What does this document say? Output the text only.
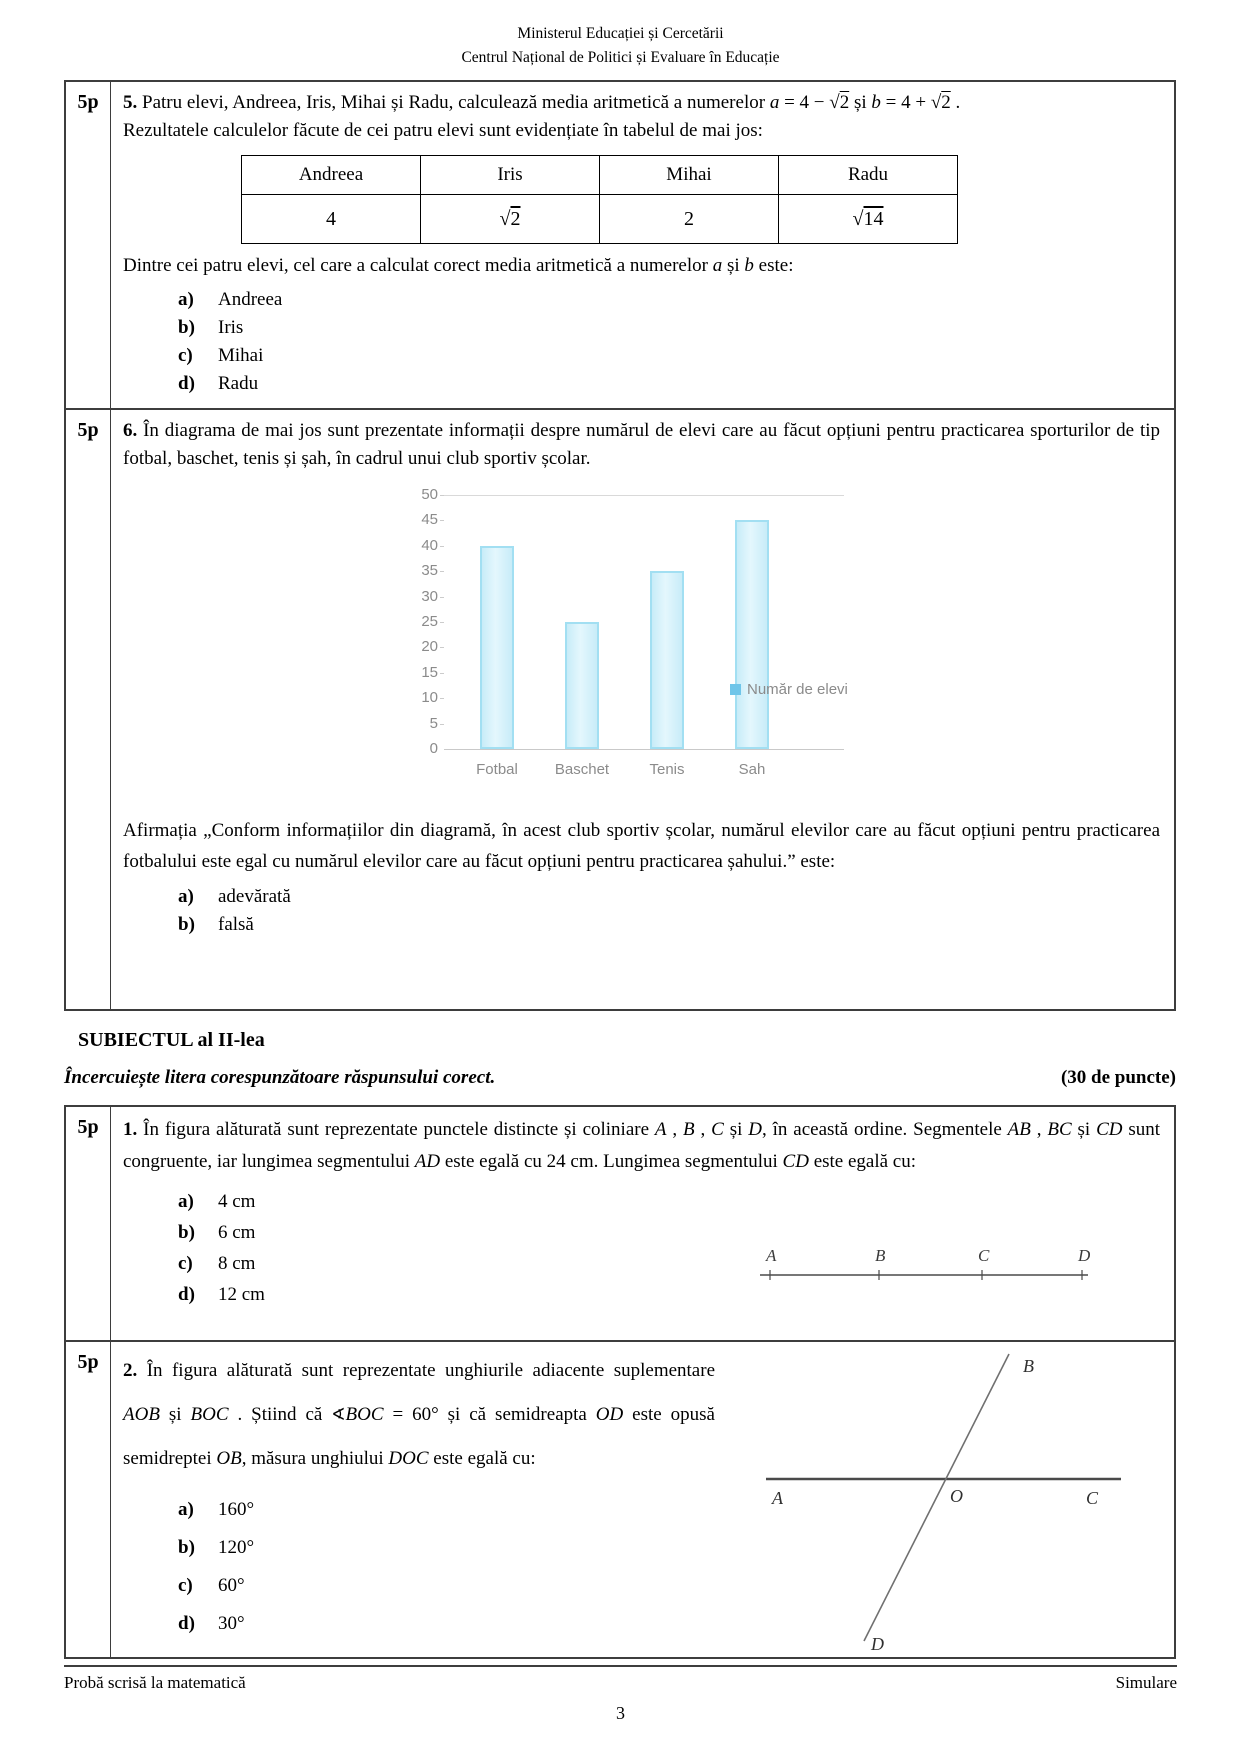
Ministerul Educației și Cercetării
Centrul Național de Politici și Evaluare în Educație
5p	5. Patru elevi, Andreea, Iris, Mihai și Radu, calculează media aritmetică a numerelor a = 4 − √ 2 și b = 4 + √ 2 .
Rezultatele calculelor făcute de cei patru elevi sunt evidențiate în tabelul de mai jos:
Andreea	Iris	Mihai	Radu
4	√2	2	√14
Dintre cei patru elevi, cel care a calculat corect media aritmetică a numerelor a și b este:
a) Andreea
b) Iris
c) Mihai
d) Radu

5p	6. În diagrama de mai jos sunt prezentate informații despre numărul de elevi care au făcut opțiuni pentru practicarea sporturilor de tip fotbal, baschet, tenis și șah, în cadrul unui club sportiv școlar.
0
5
10
15
20
25
30
35
40
45
50
Fotbal	Baschet	Tenis	Sah
Număr de elevi
Afirmația „Conform informațiilor din diagramă, în acest club sportiv școlar, numărul elevilor care au făcut opțiuni pentru practicarea fotbalului este egal cu numărul elevilor care au făcut opțiuni pentru practicarea șahului.” este:
a) adevărată
b) falsă
SUBIECTUL al II-lea
Încercuiește litera corespunzătoare răspunsului corect.	(30 de puncte)
5p	1. În figura alăturată sunt reprezentate punctele distincte și coliniare A , B , C și D, în această ordine. Segmentele AB , BC și CD sunt congruente, iar lungimea segmentului AD este egală cu 24 cm. Lungimea segmentului CD este egală cu:
a) 4 cm
b) 6 cm
c) 8 cm
d) 12 cm
A	B	C	D

5p	2. În figura alăturată sunt reprezentate unghiurile adiacente suplementare AOB și BOC . Știind că ∢BOC = 60° și că semidreapta OD este opusă semidreptei OB, măsura unghiului DOC este egală cu:
a) 160°
b) 120°
c) 60°
d) 30°
B
A	O	C
D
Probă scrisă la matematică	Simulare
3
